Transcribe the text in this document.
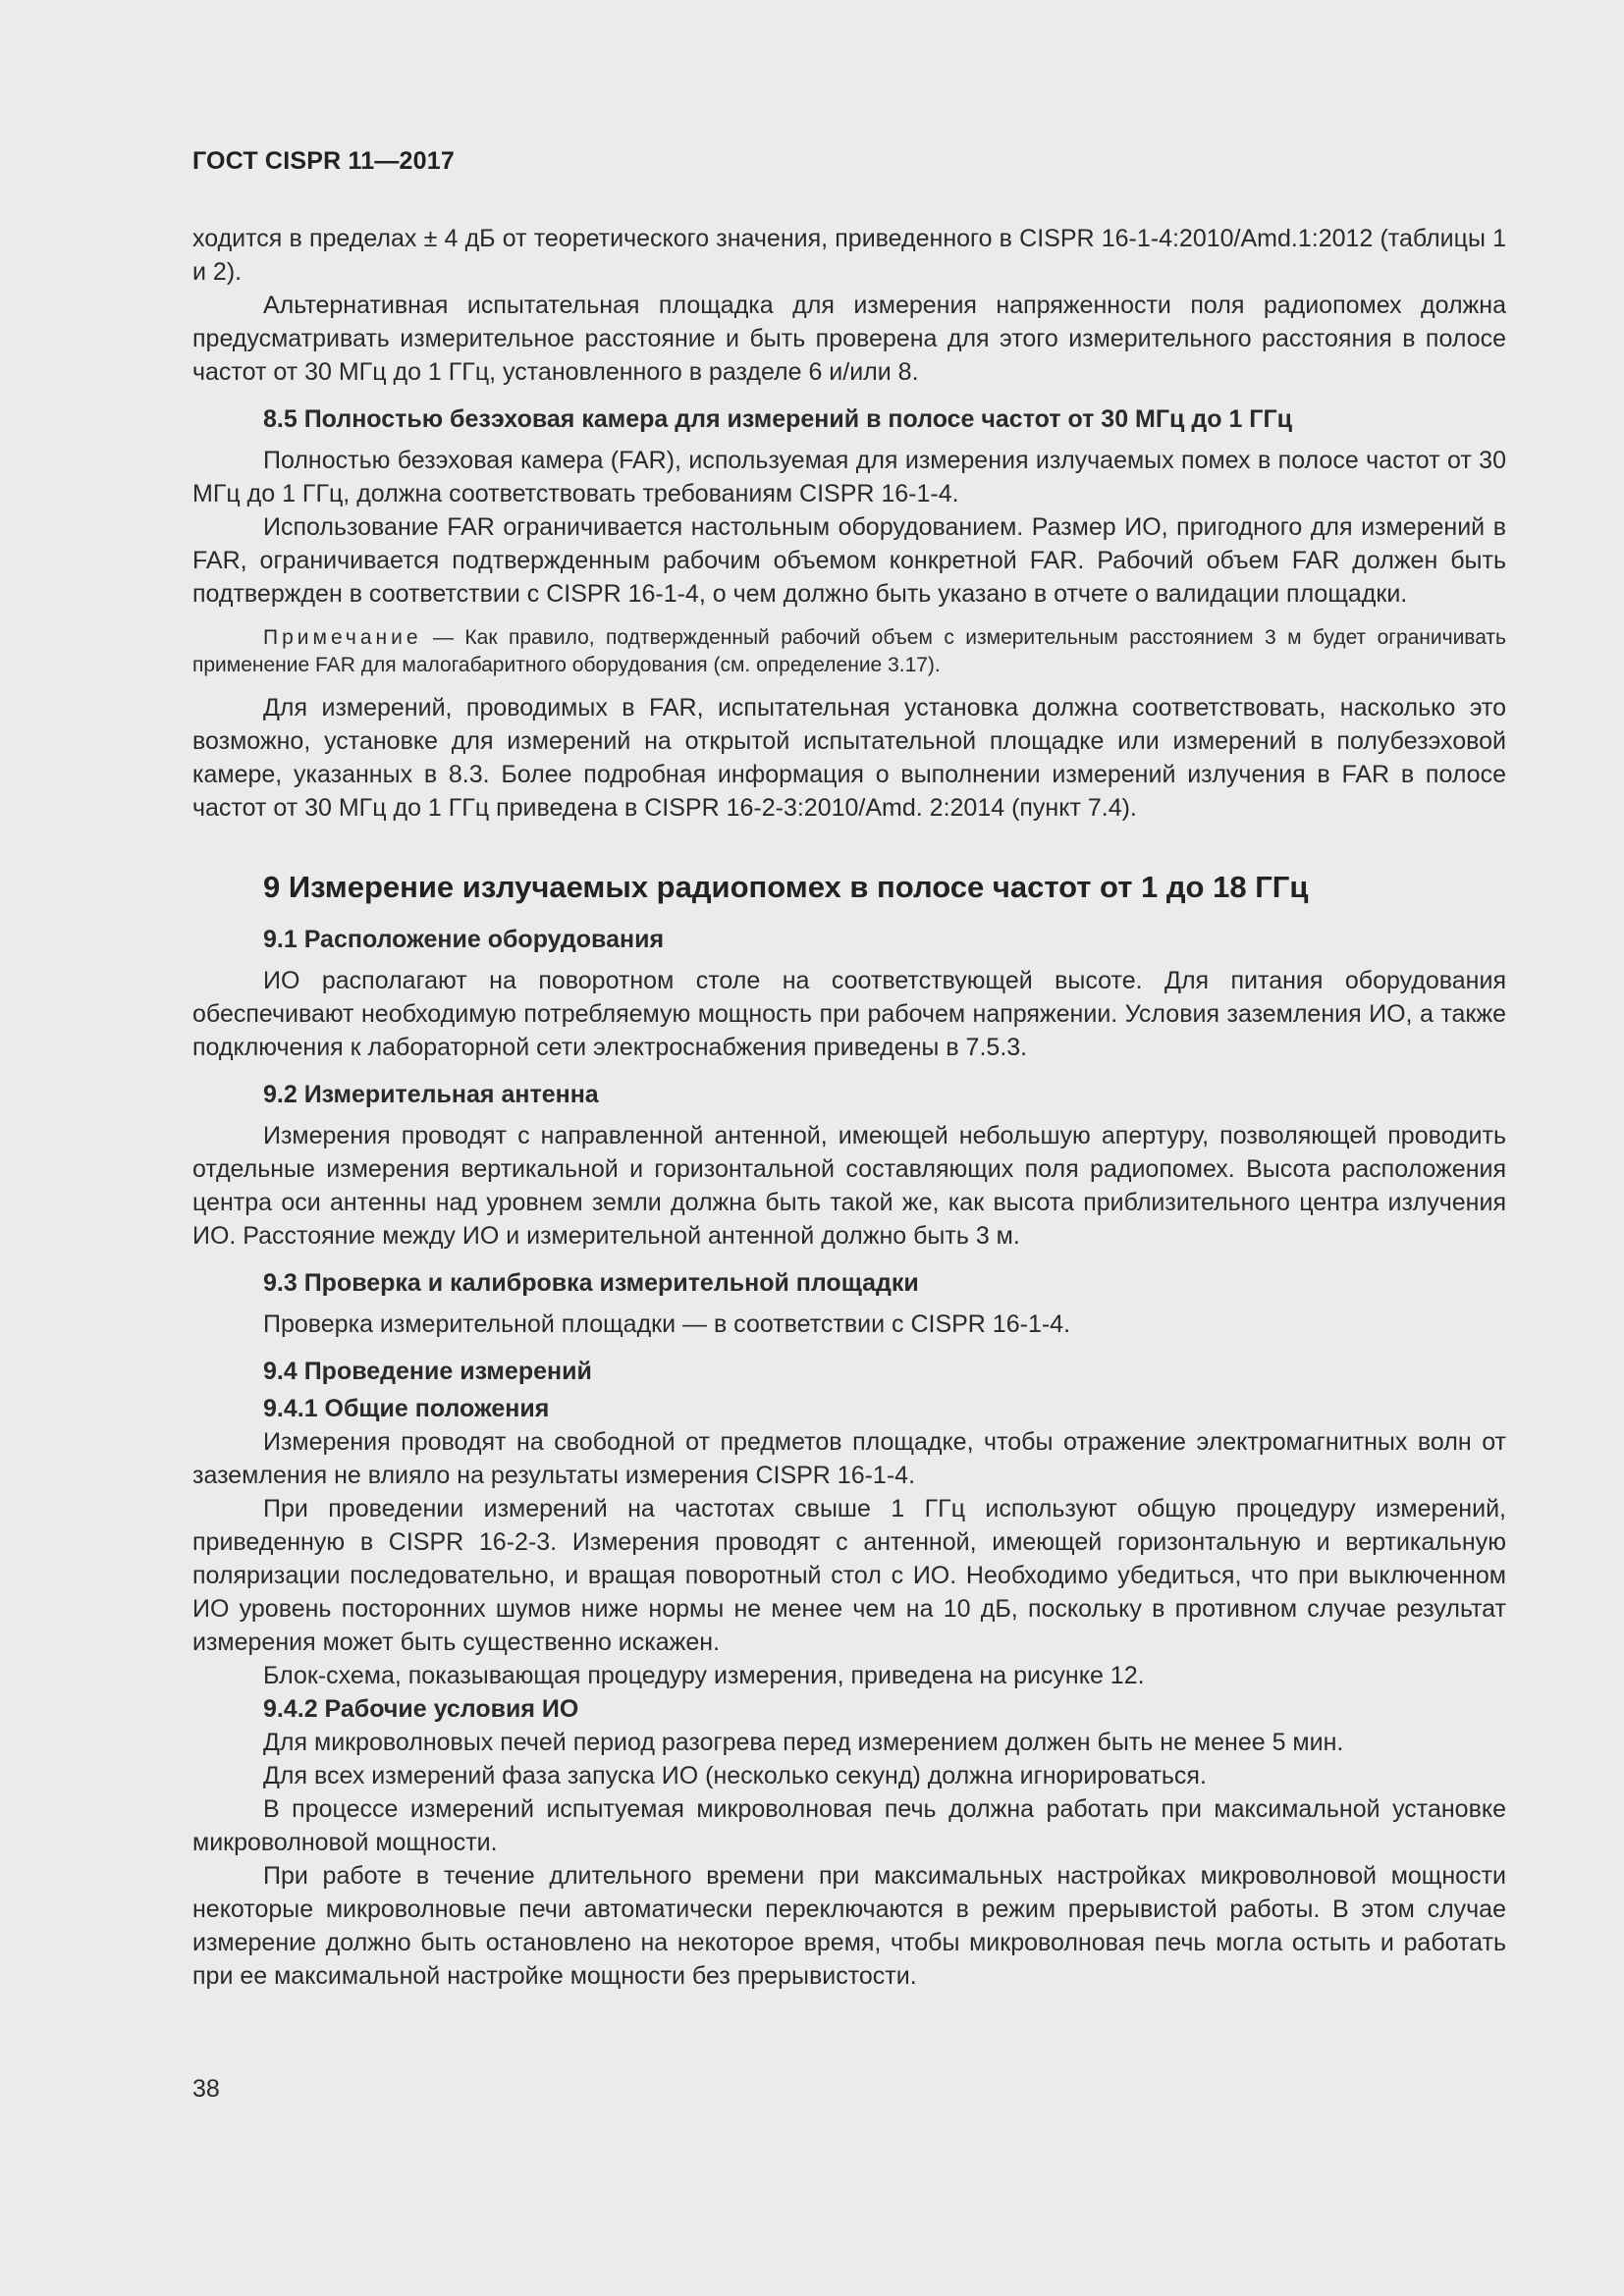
ГОСТ CISPR 11—2017

ходится в пределах ± 4 дБ от теоретического значения, приведенного в CISPR 16-1-4:2010/Amd.1:2012 (таблицы 1 и 2).

Альтернативная испытательная площадка для измерения напряженности поля радиопомех должна предусматривать измерительное расстояние и быть проверена для этого измерительного расстояния в полосе частот от 30 МГц до 1 ГГц, установленного в разделе 6 и/или 8.

8.5 Полностью безэховая камера для измерений в полосе частот от 30 МГц до 1 ГГц

Полностью безэховая камера (FAR), используемая для измерения излучаемых помех в полосе частот от 30 МГц до 1 ГГц, должна соответствовать требованиям CISPR 16-1-4.

Использование FAR ограничивается настольным оборудованием. Размер ИО, пригодного для измерений в FAR, ограничивается подтвержденным рабочим объемом конкретной FAR. Рабочий объем FAR должен быть подтвержден в соответствии с CISPR 16-1-4, о чем должно быть указано в отчете о валидации площадки.

Примечание — Как правило, подтвержденный рабочий объем с измерительным расстоянием 3 м будет ограничивать применение FAR для малогабаритного оборудования (см. определение 3.17).

Для измерений, проводимых в FAR, испытательная установка должна соответствовать, насколько это возможно, установке для измерений на открытой испытательной площадке или измерений в полубезэховой камере, указанных в 8.3. Более подробная информация о выполнении измерений излучения в FAR в полосе частот от 30 МГц до 1 ГГц приведена в CISPR 16-2-3:2010/Amd. 2:2014 (пункт 7.4).

9 Измерение излучаемых радиопомех в полосе частот от 1 до 18 ГГц

9.1 Расположение оборудования

ИО располагают на поворотном столе на соответствующей высоте. Для питания оборудования обеспечивают необходимую потребляемую мощность при рабочем напряжении. Условия заземления ИО, а также подключения к лабораторной сети электроснабжения приведены в 7.5.3.

9.2 Измерительная антенна

Измерения проводят с направленной антенной, имеющей небольшую апертуру, позволяющей проводить отдельные измерения вертикальной и горизонтальной составляющих поля радиопомех. Высота расположения центра оси антенны над уровнем земли должна быть такой же, как высота приблизительного центра излучения ИО. Расстояние между ИО и измерительной антенной должно быть 3 м.

9.3 Проверка и калибровка измерительной площадки

Проверка измерительной площадки — в соответствии с CISPR 16-1-4.

9.4 Проведение измерений

9.4.1 Общие положения

Измерения проводят на свободной от предметов площадке, чтобы отражение электромагнитных волн от заземления не влияло на результаты измерения CISPR 16-1-4.

При проведении измерений на частотах свыше 1 ГГц используют общую процедуру измерений, приведенную в CISPR 16-2-3. Измерения проводят с антенной, имеющей горизонтальную и вертикальную поляризации последовательно, и вращая поворотный стол с ИО. Необходимо убедиться, что при выключенном ИО уровень посторонних шумов ниже нормы не менее чем на 10 дБ, поскольку в противном случае результат измерения может быть существенно искажен.

Блок-схема, показывающая процедуру измерения, приведена на рисунке 12.

9.4.2 Рабочие условия ИО

Для микроволновых печей период разогрева перед измерением должен быть не менее 5 мин.

Для всех измерений фаза запуска ИО (несколько секунд) должна игнорироваться.

В процессе измерений испытуемая микроволновая печь должна работать при максимальной установке микроволновой мощности.

При работе в течение длительного времени при максимальных настройках микроволновой мощности некоторые микроволновые печи автоматически переключаются в режим прерывистой работы. В этом случае измерение должно быть остановлено на некоторое время, чтобы микроволновая печь могла остыть и работать при ее максимальной настройке мощности без прерывистости.

38
